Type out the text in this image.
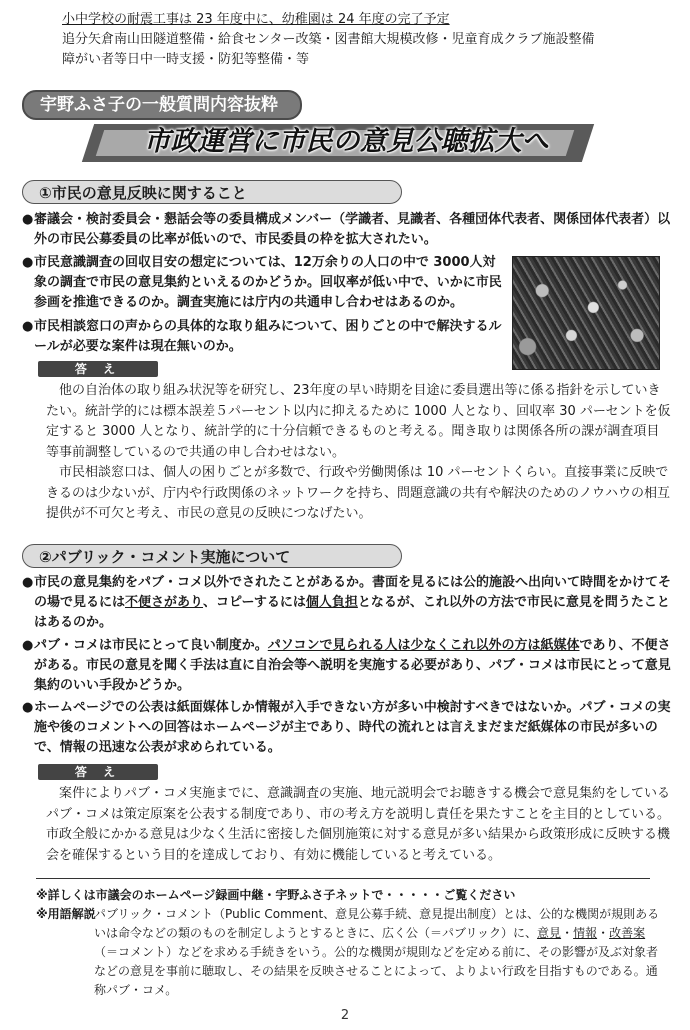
小中学校の耐震工事は 23 年度中に、幼稚園は 24 年度の完了予定
追分矢倉南山田隧道整備・給食センター改築・図書館大規模改修・児童育成クラブ施設整備
障がい者等日中一時支援・防犯等整備・等
宇野ふさ子の一般質問内容抜粋
市政運営に市民の意見公聴拡大へ
①市民の意見反映に関すること
● 審議会・検討委員会・懇話会等の委員構成メンバー（学識者、見識者、各種団体代表者、関係団体代表者）以外の市民公募委員の比率が低いので、市民委員の枠を拡大されたい。
● 市民意識調査の回収目安の想定については、12万余りの人口の中で 3000人対象の調査で市民の意見集約といえるのかどうか。回収率が低い中で、いかに市民参画を推進できるのか。調査実施には庁内の共通申し合わせはあるのか。
● 市民相談窓口の声からの具体的な取り組みについて、困りごとの中で解決するルールが必要な案件は現在無いのか。
答 え

他の自治体の取り組み状況等を研究し、23年度の早い時期を目途に委員選出等に係る指針を示していきたい。統計学的には標本誤差５パーセント以内に抑えるために 1000 人となり、回収率 30 パーセントを仮定すると 3000 人となり、統計学的に十分信頼できるものと考える。聞き取りは関係各所の課が調査項目等事前調整しているので共通の申し合わせはない。

市民相談窓口は、個人の困りごとが多数で、行政や労働関係は 10 パーセントくらい。直接事業に反映できるのは少ないが、庁内や行政関係のネットワークを持ち、問題意識の共有や解決のためのノウハウの相互提供が不可欠と考え、市民の意見の反映につなげたい。

②パブリック・コメント実施について
● 市民の意見集約をパブ・コメ以外でされたことがあるか。書面を見るには公的施設へ出向いて時間をかけてその場で見るには不便さがあり、コピーするには個人負担となるが、これ以外の方法で市民に意見を問うたことはあるのか。
● パブ・コメは市民にとって良い制度か。パソコンで見られる人は少なくこれ以外の方は紙媒体であり、不便さがある。市民の意見を聞く手法は直に自治会等へ説明を実施する必要があり、パブ・コメは市民にとって意見集約のいい手段かどうか。
● ホームページでの公表は紙面媒体しか情報が入手できない方が多い中検討すべきではないか。パブ・コメの実施や後のコメントへの回答はホームページが主であり、時代の流れとは言えまだまだ紙媒体の市民が多いので、情報の迅速な公表が求められている。
答 え

案件によりパブ・コメ実施までに、意識調査の実施、地元説明会でお聴きする機会で意見集約をしているパブ・コメは策定原案を公表する制度であり、市の考え方を説明し責任を果たすことを主目的としている。市政全般にかかる意見は少なく生活に密接した個別施策に対する意見が多い結果から政策形成に反映する機会を確保するという目的を達成しており、有効に機能していると考えている。

※詳しくは市議会のホームページ録画中継・宇野ふさ子ネットで・・・・・ご覧ください
※用語解説
パブリック・コメント（Public Comment、意見公募手続、意見提出制度）とは、公的な機関が規則あるいは命令などの類のものを制定しようとするときに、広く公（＝パブリック）に、意見・情報・改善案（＝コメント）などを求める手続きをいう。公的な機関が規則などを定める前に、その影響が及ぶ対象者などの意見を事前に聴取し、その結果を反映させることによって、よりよい行政を目指すものである。通称パブ・コメ。
2
